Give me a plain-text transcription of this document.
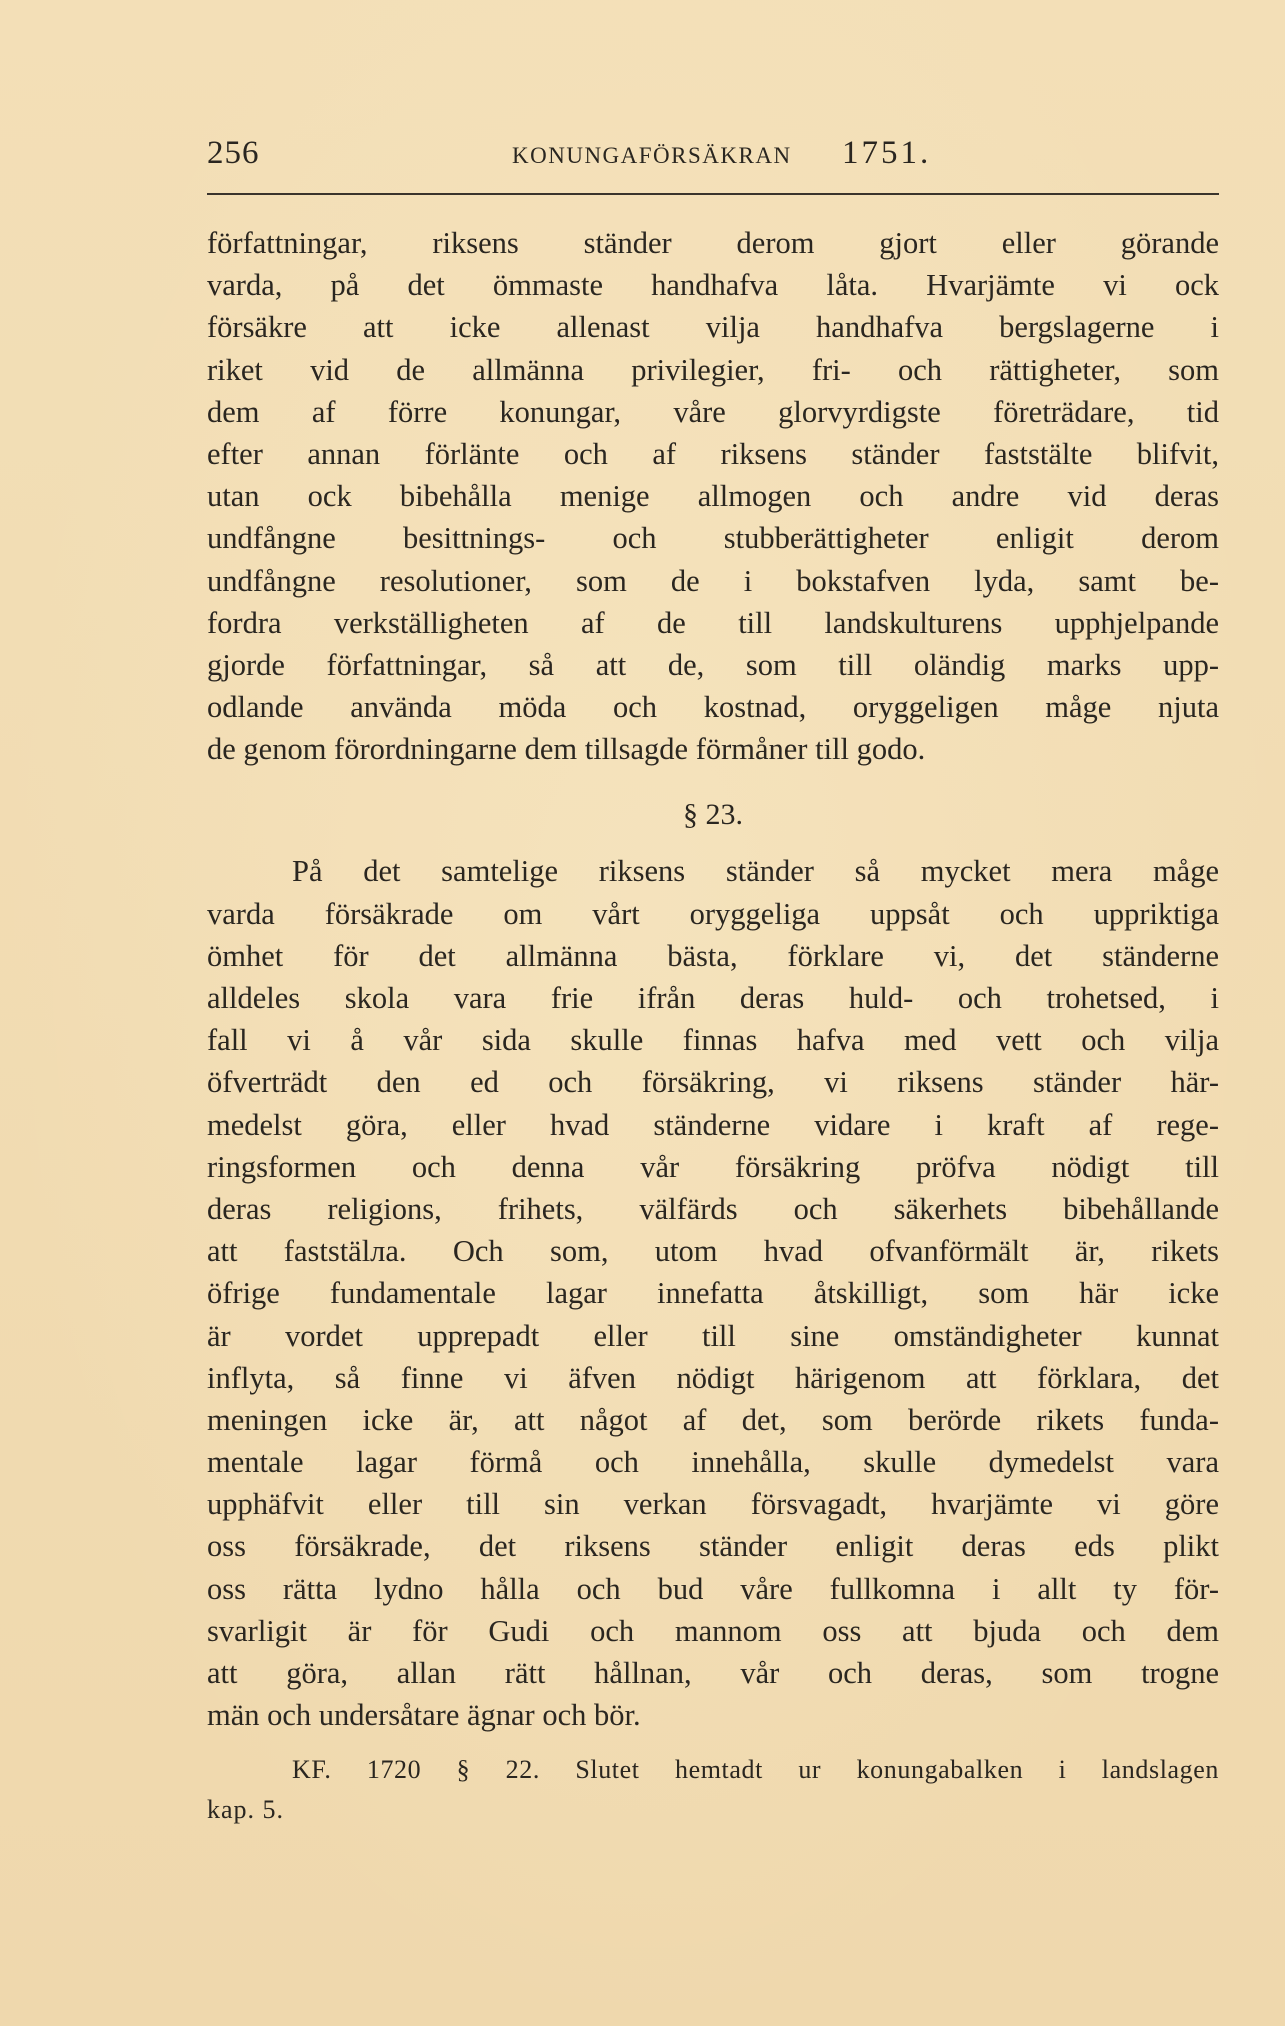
256	KONUNGAFÖRSÄKRAN 1751.
författningar, riksens ständer derom gjort eller görande
varda, på det ömmaste handhafva låta. Hvarjämte vi ock
försäkre att icke allenast vilja handhafva bergslagerne i
riket vid de allmänna privilegier, fri- och rättigheter, som
dem af förre konungar, våre glorvyrdigste företrädare, tid
efter annan förlänte och af riksens ständer faststälte blifvit,
utan ock bibehålla menige allmogen och andre vid deras
undfångne besittnings- och stubberättigheter enligit derom
undfångne resolutioner, som de i bokstafven lyda, samt be-
fordra verkställigheten af de till landskulturens upphjelpande
gjorde författningar, så att de, som till oländig marks upp-
odlande använda möda och kostnad, oryggeligen måge njuta
de genom förordningarne dem tillsagde förmåner till godo.
§ 23.
På det samtelige riksens ständer så mycket mera måge
varda försäkrade om vårt oryggeliga uppsåt och uppriktiga
ömhet för det allmänna bästa, förklare vi, det ständerne
alldeles skola vara frie ifrån deras huld- och trohetsed, i
fall vi å vår sida skulle finnas hafva med vett och vilja
öfverträdt den ed och försäkring, vi riksens ständer här-
medelst göra, eller hvad ständerne vidare i kraft af rege-
ringsformen och denna vår försäkring pröfva nödigt till
deras religions, frihets, välfärds och säkerhets bibehållande
att faststälла. Och som, utom hvad ofvanförmält är, rikets
öfrige fundamentale lagar innefatta åtskilligt, som här icke
är vordet upprepadt eller till sine omständigheter kunnat
inflyta, så finne vi äfven nödigt härigenom att förklara, det
meningen icke är, att något af det, som berörde rikets funda-
mentale lagar förmå och innehålla, skulle dymedelst vara
upphäfvit eller till sin verkan försvagadt, hvarjämte vi göre
oss försäkrade, det riksens ständer enligit deras eds plikt
oss rätta lydno hålla och bud våre fullkomna i allt ty för-
svarligit är för Gudi och mannom oss att bjuda och dem
att göra, allan rätt hållnan, vår och deras, som trogne
män och undersåtare ägnar och bör.
KF. 1720 § 22. Slutet hemtadt ur konungabalken i landslagen
kap. 5.
